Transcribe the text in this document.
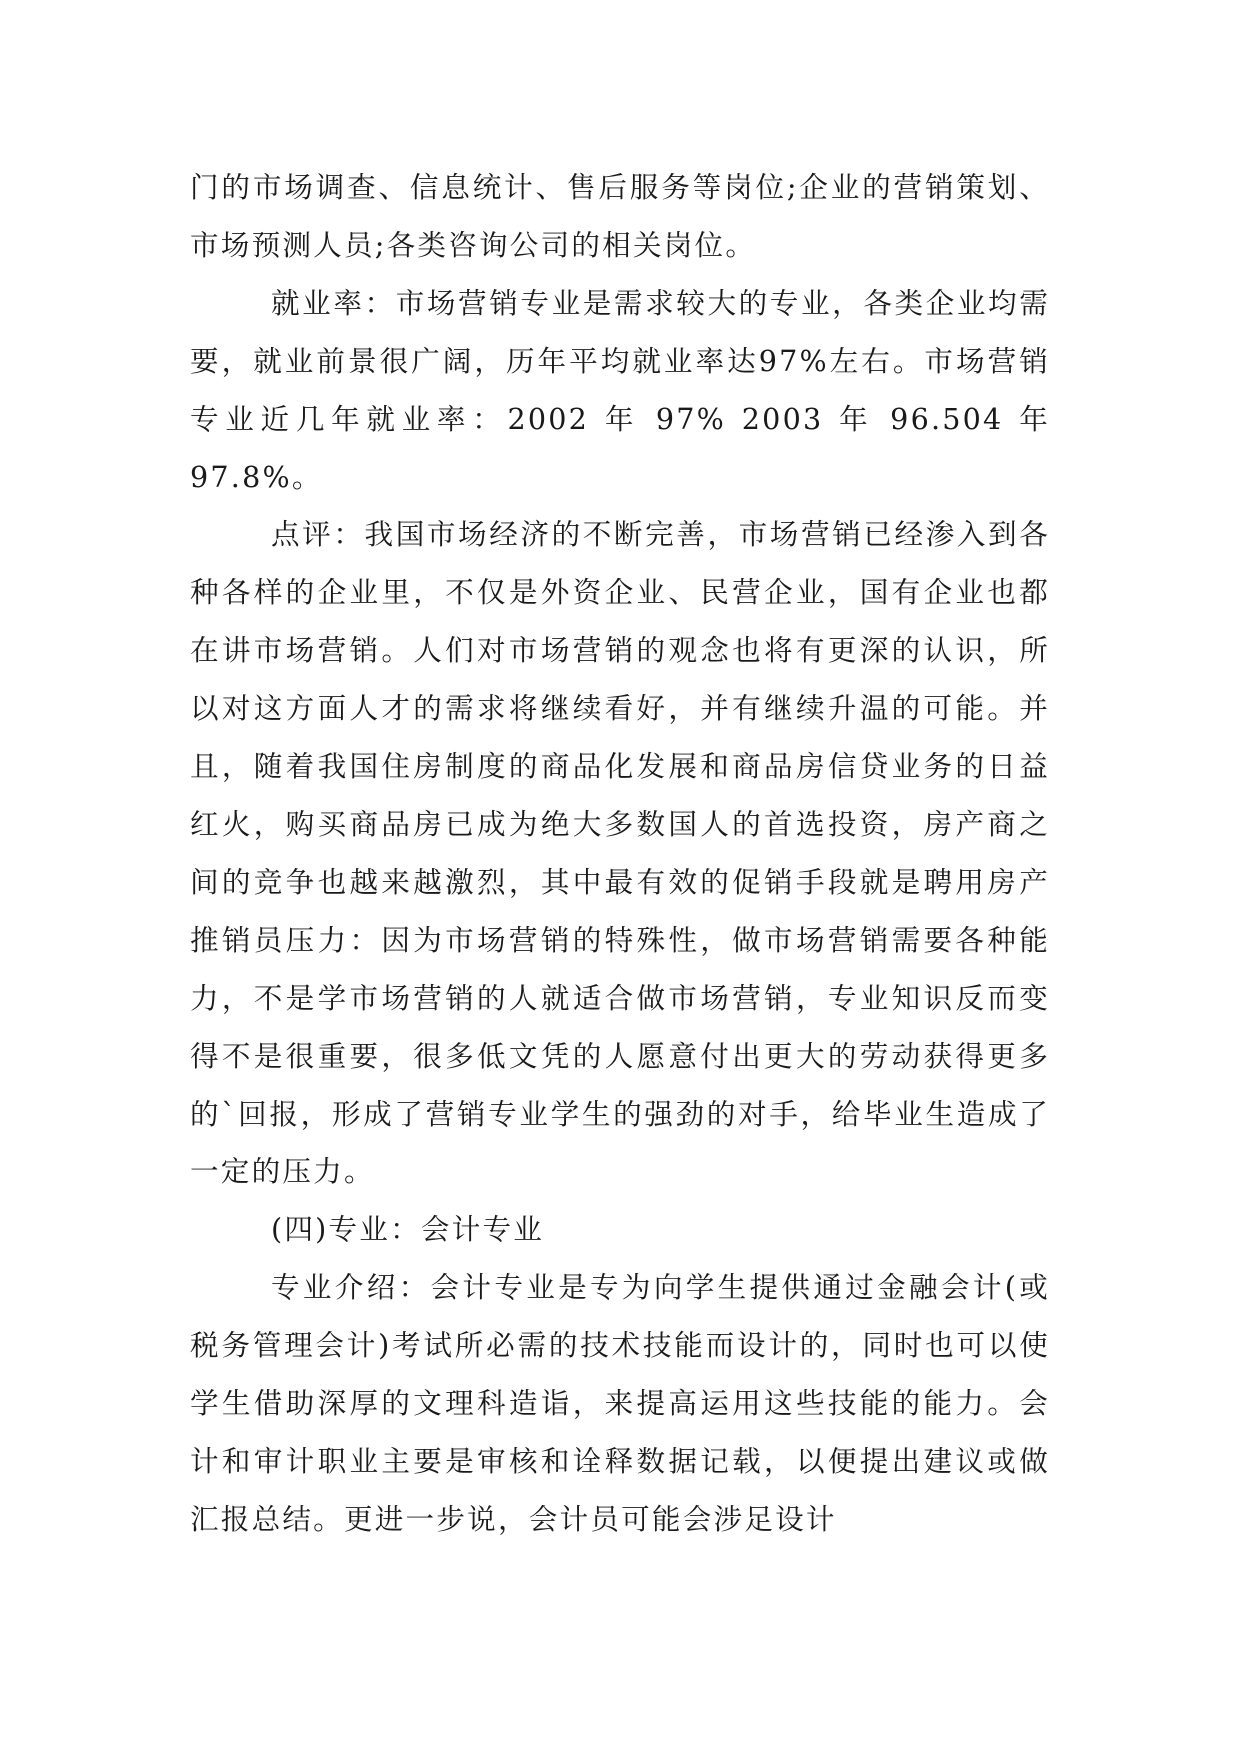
门的市场调查、信息统计、售后服务等岗位;企业的营销策划、市场预测人员;各类咨询公司的相关岗位。

就业率：市场营销专业是需求较大的专业，各类企业均需要，就业前景很广阔，历年平均就业率达97%左右。市场营销专业近几年就业率：2002 年 97% 2003 年 96.504 年97.8%。

点评：我国市场经济的不断完善，市场营销已经渗入到各种各样的企业里，不仅是外资企业、民营企业，国有企业也都在讲市场营销。人们对市场营销的观念也将有更深的认识，所以对这方面人才的需求将继续看好，并有继续升温的可能。并且，随着我国住房制度的商品化发展和商品房信贷业务的日益红火，购买商品房已成为绝大多数国人的首选投资，房产商之间的竞争也越来越激烈，其中最有效的促销手段就是聘用房产推销员压力：因为市场营销的特殊性，做市场营销需要各种能力，不是学市场营销的人就适合做市场营销，专业知识反而变得不是很重要，很多低文凭的人愿意付出更大的劳动获得更多的`回报，形成了营销专业学生的强劲的对手，给毕业生造成了一定的压力。

(四)专业：会计专业

专业介绍：会计专业是专为向学生提供通过金融会计(或税务管理会计)考试所必需的技术技能而设计的，同时也可以使学生借助深厚的文理科造诣，来提高运用这些技能的能力。会计和审计职业主要是审核和诠释数据记载，以便提出建议或做汇报总结。更进一步说，会计员可能会涉足设计
